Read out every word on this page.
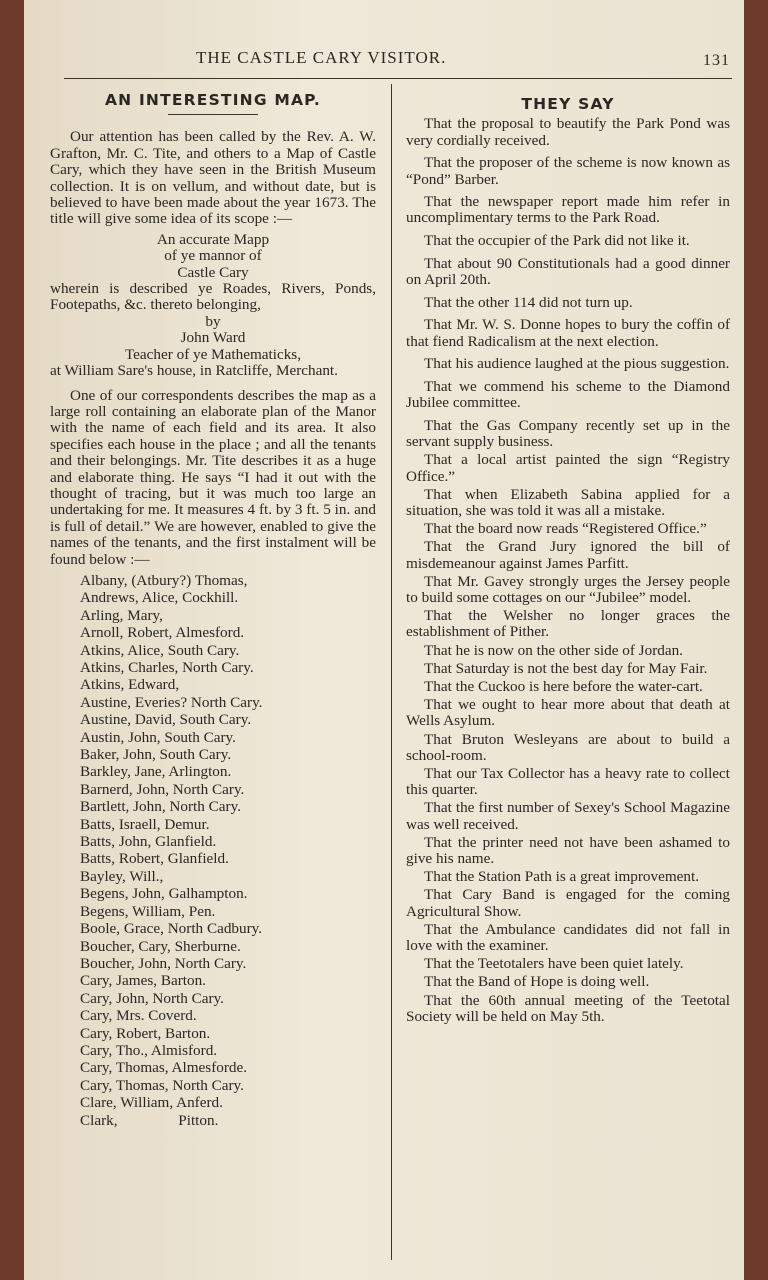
THE CASTLE CARY VISITOR.	131
AN INTERESTING MAP.

Our attention has been called by the Rev. A. W. Grafton, Mr. C. Tite, and others to a Map of Castle Cary, which they have seen in the British Museum collection. It is on vellum, and without date, but is believed to have been made about the year 1673. The title will give some idea of its scope :—

An accurate Mapp
of ye mannor of
Castle Cary

wherein is described ye Roades, Rivers, Ponds, Footepaths, &c. thereto belonging,

by
John Ward
Teacher of ye Mathematicks,

at William Sare's house, in Ratcliffe, Merchant.

One of our correspondents describes the map as a large roll containing an elaborate plan of the Manor with the name of each field and its area. It also specifies each house in the place ; and all the tenants and their belongings. Mr. Tite describes it as a huge and elaborate thing. He says “I had it out with the thought of tracing, but it was much too large an undertaking for me. It measures 4 ft. by 3 ft. 5 in. and is full of detail.” We are however, enabled to give the names of the tenants, and the first instalment will be found below :—

Albany, (Atbury?) Thomas,
Andrews, Alice, Cockhill.
Arling, Mary,
Arnoll, Robert, Almesford.
Atkins, Alice, South Cary.
Atkins, Charles, North Cary.
Atkins, Edward,
Austine, Everies? North Cary.
Austine, David, South Cary.
Austin, John, South Cary.
Baker, John, South Cary.
Barkley, Jane, Arlington.
Barnerd, John, North Cary.
Bartlett, John, North Cary.
Batts, Israell, Demur.
Batts, John, Glanfield.
Batts, Robert, Glanfield.
Bayley, Will.,
Begens, John, Galhampton.
Begens, William, Pen.
Boole, Grace, North Cadbury.
Boucher, Cary, Sherburne.
Boucher, John, North Cary.
Cary, James, Barton.
Cary, John, North Cary.
Cary, Mrs. Coverd.
Cary, Robert, Barton.
Cary, Tho., Almisford.
Cary, Thomas, Almesforde.
Cary, Thomas, North Cary.
Clare, William, Anferd.
Clark,                Pitton.
THEY SAY

That the proposal to beautify the Park Pond was very cordially received.

That the proposer of the scheme is now known as “Pond” Barber.

That the newspaper report made him refer in uncomplimentary terms to the Park Road.

That the occupier of the Park did not like it.

That about 90 Constitutionals had a good dinner on April 20th.

That the other 114 did not turn up.

That Mr. W. S. Donne hopes to bury the coffin of that fiend Radicalism at the next election.

That his audience laughed at the pious suggestion.

That we commend his scheme to the Diamond Jubilee committee.

That the Gas Company recently set up in the servant supply business.

That a local artist painted the sign “Registry Office.”

That when Elizabeth Sabina applied for a situation, she was told it was all a mistake.

That the board now reads “Registered Office.”

That the Grand Jury ignored the bill of misdemeanour against James Parfitt.

That Mr. Gavey strongly urges the Jersey people to build some cottages on our “Jubilee” model.

That the Welsher no longer graces the establishment of Pither.

That he is now on the other side of Jordan.

That Saturday is not the best day for May Fair.

That the Cuckoo is here before the water-cart.

That we ought to hear more about that death at Wells Asylum.

That Bruton Wesleyans are about to build a school-room.

That our Tax Collector has a heavy rate to collect this quarter.

That the first number of Sexey's School Magazine was well received.

That the printer need not have been ashamed to give his name.

That the Station Path is a great improvement.

That Cary Band is engaged for the coming Agricultural Show.

That the Ambulance candidates did not fall in love with the examiner.

That the Teetotalers have been quiet lately.

That the Band of Hope is doing well.

That the 60th annual meeting of the Teetotal Society will be held on May 5th.
